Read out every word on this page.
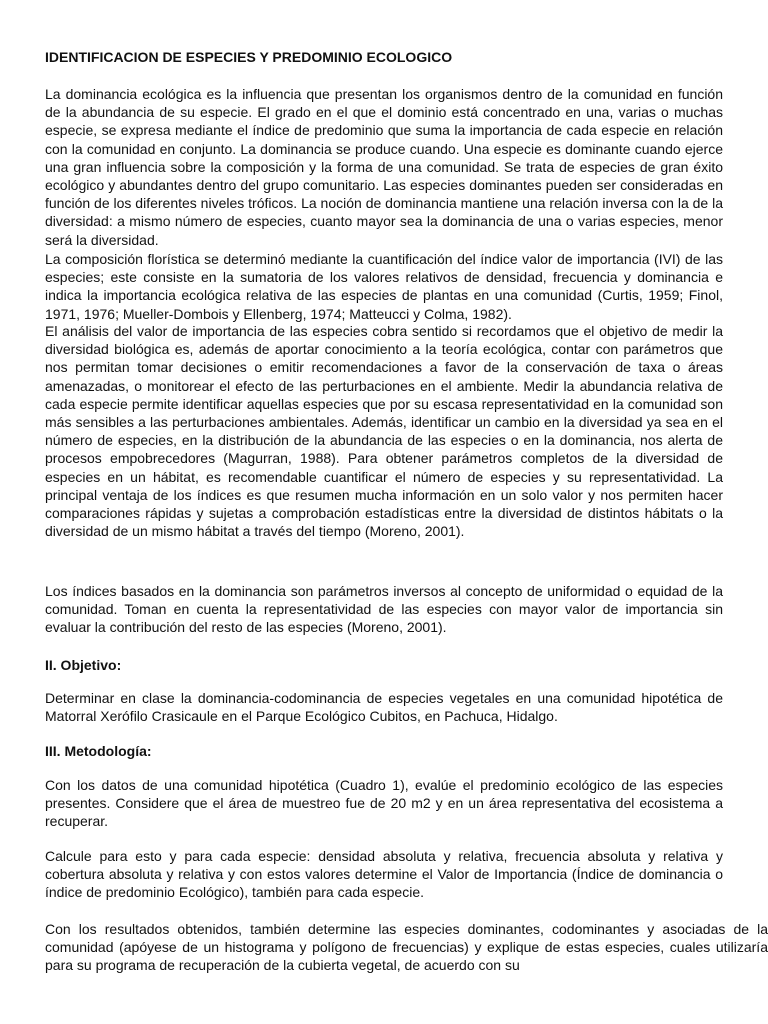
IDENTIFICACION DE ESPECIES Y PREDOMINIO ECOLOGICO

La dominancia ecológica es la influencia que presentan los organismos dentro de la comunidad en función de la abundancia de su especie. El grado en el que el dominio está concentrado en una, varias o muchas especie, se expresa mediante el índice de predominio que suma la importancia de cada especie en relación con la comunidad en conjunto. La dominancia se produce cuando. Una especie es dominante cuando ejerce una gran influencia sobre la composición y la forma de una comunidad. Se trata de especies de gran éxito ecológico y abundantes dentro del grupo comunitario. Las especies dominantes pueden ser consideradas en función de los diferentes niveles tróficos. La noción de dominancia mantiene una relación inversa con la de la diversidad: a mismo número de especies, cuanto mayor sea la dominancia de una o varias especies, menor será la diversidad.

La composición florística se determinó mediante la cuantificación del índice valor de importancia (IVI) de las especies; este consiste en la sumatoria de los valores relativos de densidad, frecuencia y dominancia e indica la importancia ecológica relativa de las especies de plantas en una comunidad (Curtis, 1959; Finol, 1971, 1976; Mueller-Dombois y Ellenberg, 1974; Matteucci y Colma, 1982).

El análisis del valor de importancia de las especies cobra sentido si recordamos que el objetivo de medir la diversidad biológica es, además de aportar conocimiento a la teoría ecológica, contar con parámetros que nos permitan tomar decisiones o emitir recomendaciones a favor de la conservación de taxa o áreas amenazadas, o monitorear el efecto de las perturbaciones en el ambiente. Medir la abundancia relativa de cada especie permite identificar aquellas especies que por su escasa representatividad en la comunidad son más sensibles a las perturbaciones ambientales. Además, identificar un cambio en la diversidad ya sea en el número de especies, en la distribución de la abundancia de las especies o en la dominancia, nos alerta de procesos empobrecedores (Magurran, 1988). Para obtener parámetros completos de la diversidad de especies en un hábitat, es recomendable cuantificar el número de especies y su representatividad. La principal ventaja de los índices es que resumen mucha información en un solo valor y nos permiten hacer comparaciones rápidas y sujetas a comprobación estadísticas entre la diversidad de distintos hábitats o la diversidad de un mismo hábitat a través del tiempo (Moreno, 2001).

Los índices basados en la dominancia son parámetros inversos al concepto de uniformidad o equidad de la comunidad. Toman en cuenta la representatividad de las especies con mayor valor de importancia sin evaluar la contribución del resto de las especies (Moreno, 2001).

II. Objetivo:

Determinar en clase la dominancia-codominancia de especies vegetales en una comunidad hipotética de Matorral Xerófilo Crasicaule en el Parque Ecológico Cubitos, en Pachuca, Hidalgo.

III. Metodología:

Con los datos de una comunidad hipotética (Cuadro 1), evalúe el predominio ecológico de las especies presentes. Considere que el área de muestreo fue de 20 m2 y en un área representativa del ecosistema a recuperar.

Calcule para esto y para cada especie: densidad absoluta y relativa, frecuencia absoluta y relativa y cobertura absoluta y relativa y con estos valores determine el Valor de Importancia (Índice de dominancia o índice de predominio Ecológico), también para cada especie.

Con los resultados obtenidos, también determine las especies dominantes, codominantes y asociadas de la comunidad (apóyese de un histograma y polígono de frecuencias) y explique de estas especies, cuales utilizaría para su programa de recuperación de la cubierta vegetal, de acuerdo con su
